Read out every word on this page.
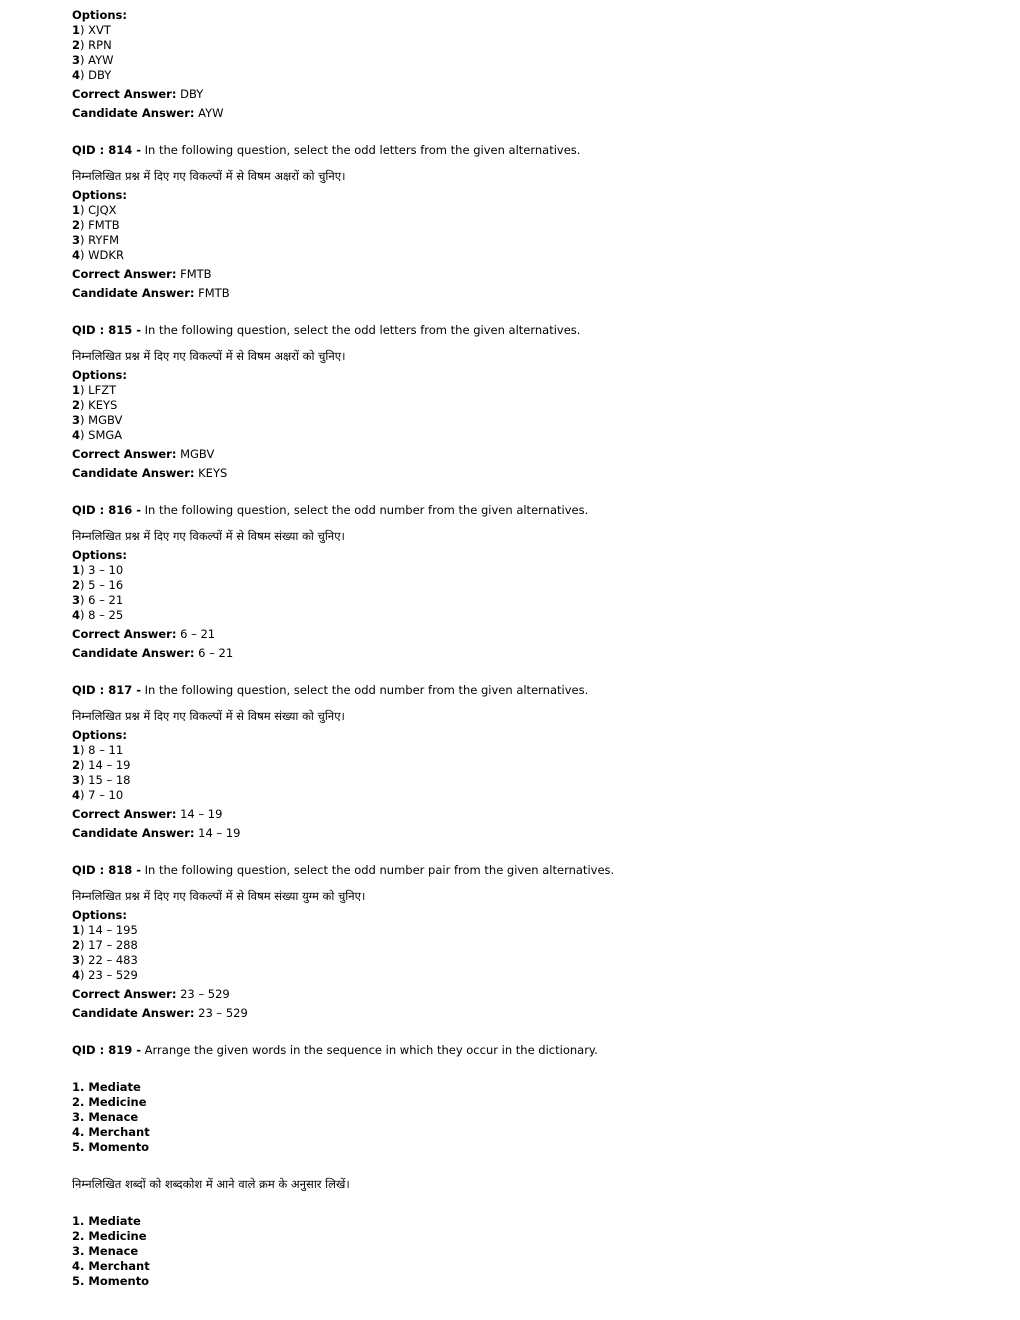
Options:
1) XVT
2) RPN
3) AYW
4) DBY
Correct Answer: DBY
Candidate Answer: AYW
QID : 814 - In the following question, select the odd letters from the given alternatives.
निम्नलिखित प्रश्न में दिए गए विकल्पों में से विषम अक्षरों को चुनिए।
Options:
1) CJQX
2) FMTB
3) RYFM
4) WDKR
Correct Answer: FMTB
Candidate Answer: FMTB
QID : 815 - In the following question, select the odd letters from the given alternatives.
निम्नलिखित प्रश्न में दिए गए विकल्पों में से विषम अक्षरों को चुनिए।
Options:
1) LFZT
2) KEYS
3) MGBV
4) SMGA
Correct Answer: MGBV
Candidate Answer: KEYS
QID : 816 - In the following question, select the odd number from the given alternatives.
निम्नलिखित प्रश्न में दिए गए विकल्पों में से विषम संख्या को चुनिए।
Options:
1) 3 – 10
2) 5 – 16
3) 6 – 21
4) 8 – 25
Correct Answer: 6 – 21
Candidate Answer: 6 – 21
QID : 817 - In the following question, select the odd number from the given alternatives.
निम्नलिखित प्रश्न में दिए गए विकल्पों में से विषम संख्या को चुनिए।
Options:
1) 8 – 11
2) 14 – 19
3) 15 – 18
4) 7 – 10
Correct Answer: 14 – 19
Candidate Answer: 14 – 19
QID : 818 - In the following question, select the odd number pair from the given alternatives.
निम्नलिखित प्रश्न में दिए गए विकल्पों में से विषम संख्या युग्म को चुनिए।
Options:
1) 14 – 195
2) 17 – 288
3) 22 – 483
4) 23 – 529
Correct Answer: 23 – 529
Candidate Answer: 23 – 529
QID : 819 - Arrange the given words in the sequence in which they occur in the dictionary.
1. Mediate
2. Medicine
3. Menace
4. Merchant
5. Momento
निम्नलिखित शब्दों को शब्दकोश में आने वाले क्रम के अनुसार लिखें।
1. Mediate
2. Medicine
3. Menace
4. Merchant
5. Momento
